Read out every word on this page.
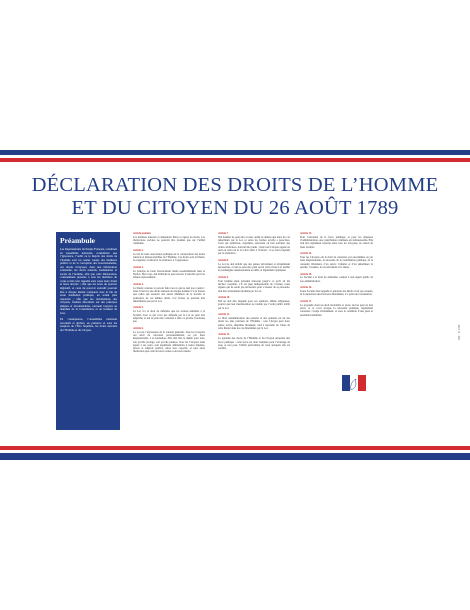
DÉCLARATION DES DROITS DE L’HOMME
ET DU CITOYEN DU 26 AOÛT 1789
Préambule

Les Représentants du Peuple Français, constitués en Assemblée nationale, considérant que l’ignorance, l’oubli ou le mépris des droits de l’homme sont les seules causes des malheurs publics et de la corruption des Gouvernements, ont résolu d’exposer, dans une Déclaration solennelle, les droits naturels, inaliénables et sacrés de l’homme, afin que cette Déclaration, constamment présente à tous les membres du corps social, leur rappelle sans cesse leurs droits et leurs devoirs ; afin que les actes du pouvoir législatif, et ceux du pouvoir exécutif pouvant être à chaque instant comparés avec le but de toute institution politique, en soient plus respectés ; afin que les réclamations des citoyens, fondées désormais sur des principes simples et incontestables, tournent toujours au maintien de la Constitution, et au bonheur de tous.

En conséquence, l’Assemblée nationale reconnaît et déclare, en présence et sous les auspices de l’Être Suprême, les droits suivants de l’Homme et du Citoyen.

Article premier.
Les hommes naissent et demeurent libres et égaux en droits. Les distinctions sociales ne peuvent être fondées que sur l’utilité commune.
Article 2.
Le but de toute association politique est la conservation des droits naturels et imprescriptibles de l’Homme. Ces droits sont la liberté, la propriété, la sûreté et la résistance à l’oppression.
Article 3.
Le principe de toute Souveraineté réside essentiellement dans la Nation. Nul corps, nul individu ne peut exercer d’autorité qui n’en émane expressément.
Article 4.
La liberté consiste à pouvoir faire tout ce qui ne nuit pas à autrui : ainsi l’exercice des droits naturels de chaque homme n’a de bornes que celles qui assurent aux autres Membres de la Société la jouissance de ces mêmes droits. Ces bornes ne peuvent être déterminées que par la Loi.
Article 5.
La Loi n’a le droit de défendre que les actions nuisibles à la Société. Tout ce qui n’est pas défendu par la Loi ne peut être empêché, et nul ne peut être contraint à faire ce qu’elle n’ordonne pas.
Article 6.
La Loi est l’expression de la volonté générale. Tous les Citoyens ont droit de concourir personnellement, ou par leurs Représentants, à sa formation. Elle doit être la même pour tous, soit qu’elle protège, soit qu’elle punisse. Tous les Citoyens étant égaux à ses yeux, sont également admissibles à toutes dignités, places et emplois publics, selon leur capacité, et sans autre distinction que celle de leurs vertus et de leurs talents.
Article 7.
Nul homme ne peut être accusé, arrêté ni détenu que dans les cas déterminés par la Loi, et selon les formes qu’elle a prescrites. Ceux qui sollicitent, expédient, exécutent ou font exécuter des ordres arbitraires, doivent être punis ; mais tout Citoyen appelé ou saisi en vertu de la Loi doit obéir à l’instant : il se rend coupable par la résistance.
Article 8.
La Loi ne doit établir que des peines strictement et évidemment nécessaires, et nul ne peut être puni qu’en vertu d’une Loi établie et promulguée antérieurement au délit, et légalement appliquée.
Article 9.
Tout homme étant présumé innocent jusqu’à ce qu’il ait été déclaré coupable, s’il est jugé indispensable de l’arrêter, toute rigueur qui ne serait pas nécessaire pour s’assurer de sa personne, doit être sévèrement réprimée par la Loi.
Article 10.
Nul ne doit être inquiété pour ses opinions, même religieuses, pourvu que leur manifestation ne trouble pas l’ordre public établi par la Loi.
Article 11.
La libre communication des pensées et des opinions est un des droits les plus précieux de l’Homme : tout Citoyen peut donc parler, écrire, imprimer librement, sauf à répondre de l’abus de cette liberté dans les cas déterminés par la Loi.
Article 12.
La garantie des droits de l’Homme et du Citoyen nécessite une force publique : cette force est donc instituée pour l’avantage de tous, et non pour l’utilité particulière de ceux auxquels elle est confiée.
Article 13.
Pour l’entretien de la force publique, et pour les dépenses d’administration, une contribution commune est indispensable. Elle doit être également répartie entre tous les Citoyens, en raison de leurs facultés.
Article 14.
Tous les Citoyens ont le droit de constater, par eux-mêmes ou par leurs Représentants, la nécessité de la contribution publique, de la consentir librement, d’en suivre l’emploi et d’en déterminer la quotité, l’assiette, le recouvrement et la durée.
Article 15.
La Société a le droit de demander compte à tout Agent public de son administration.
Article 16.
Toute Société dans laquelle la garantie des Droits n’est pas assurée, ni la séparation des Pouvoirs déterminée, n’a point de Constitution.
Article 17.
La propriété étant un droit inviolable et sacré, nul ne peut en être privé, si ce n’est lorsque la nécessité publique, légalement constatée, l’exige évidemment, et sous la condition d’une juste et préalable indemnité.
Réf. : D 1789
